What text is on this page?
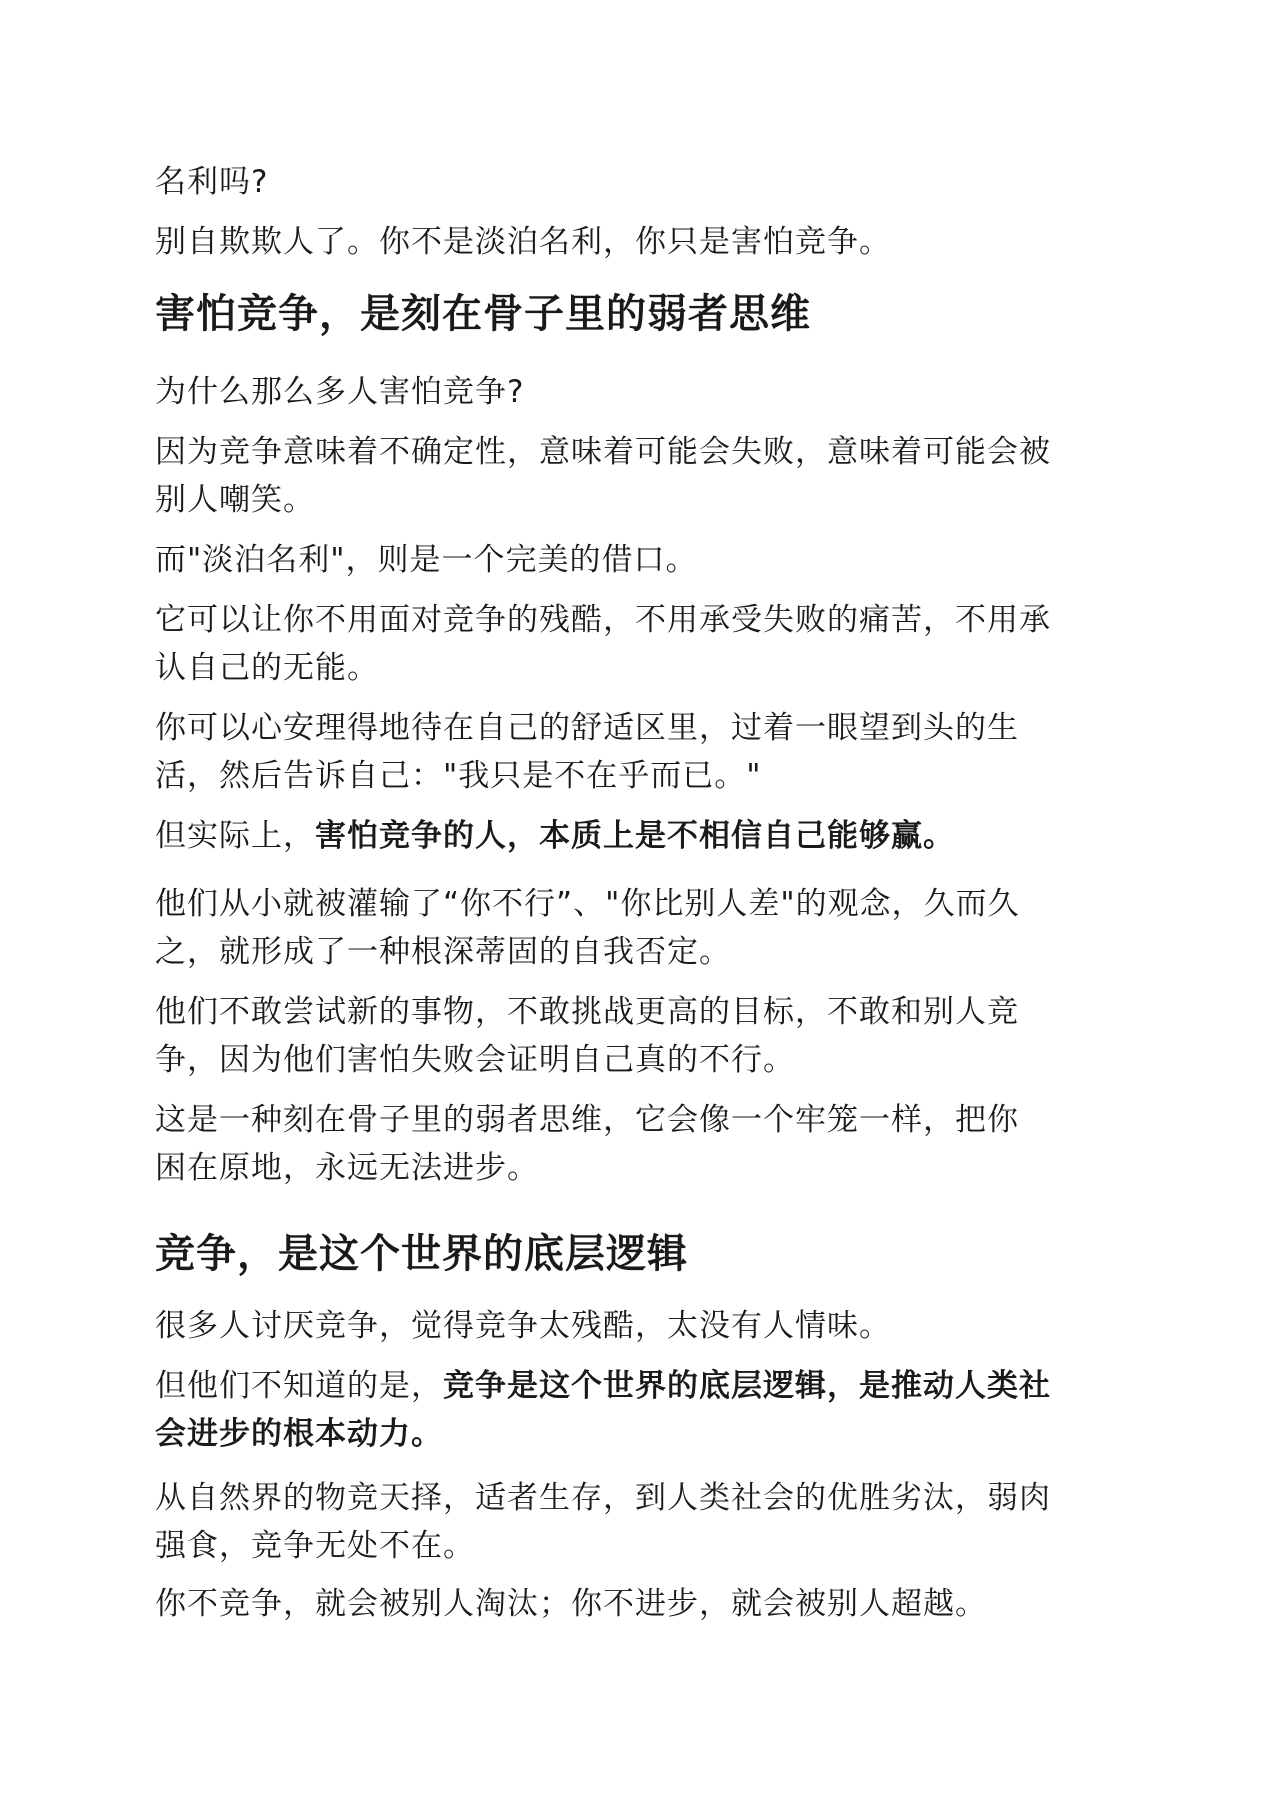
名利吗?

别自欺欺人了。你不是淡泊名利，你只是害怕竞争。

害怕竞争，是刻在骨子里的弱者思维

为什么那么多人害怕竞争?

因为竞争意味着不确定性，意味着可能会失败，意味着可能会被
别人嘲笑。

而"淡泊名利"，则是一个完美的借口。

它可以让你不用面对竞争的残酷，不用承受失败的痛苦，不用承
认自己的无能。

你可以心安理得地待在自己的舒适区里，过着一眼望到头的生
活，然后告诉自己："我只是不在乎而已。"

但实际上，害怕竞争的人，本质上是不相信自己能够赢。

他们从小就被灌输了“你不行”、"你比别人差"的观念，久而久
之，就形成了一种根深蒂固的自我否定。

他们不敢尝试新的事物，不敢挑战更高的目标，不敢和别人竞
争，因为他们害怕失败会证明自己真的不行。

这是一种刻在骨子里的弱者思维，它会像一个牢笼一样，把你
困在原地，永远无法进步。

竞争，是这个世界的底层逻辑

很多人讨厌竞争，觉得竞争太残酷，太没有人情味。

但他们不知道的是，竞争是这个世界的底层逻辑，是推动人类社
会进步的根本动力。

从自然界的物竞天择，适者生存，到人类社会的优胜劣汰，弱肉
强食，竞争无处不在。

你不竞争，就会被别人淘汰；你不进步，就会被别人超越。
